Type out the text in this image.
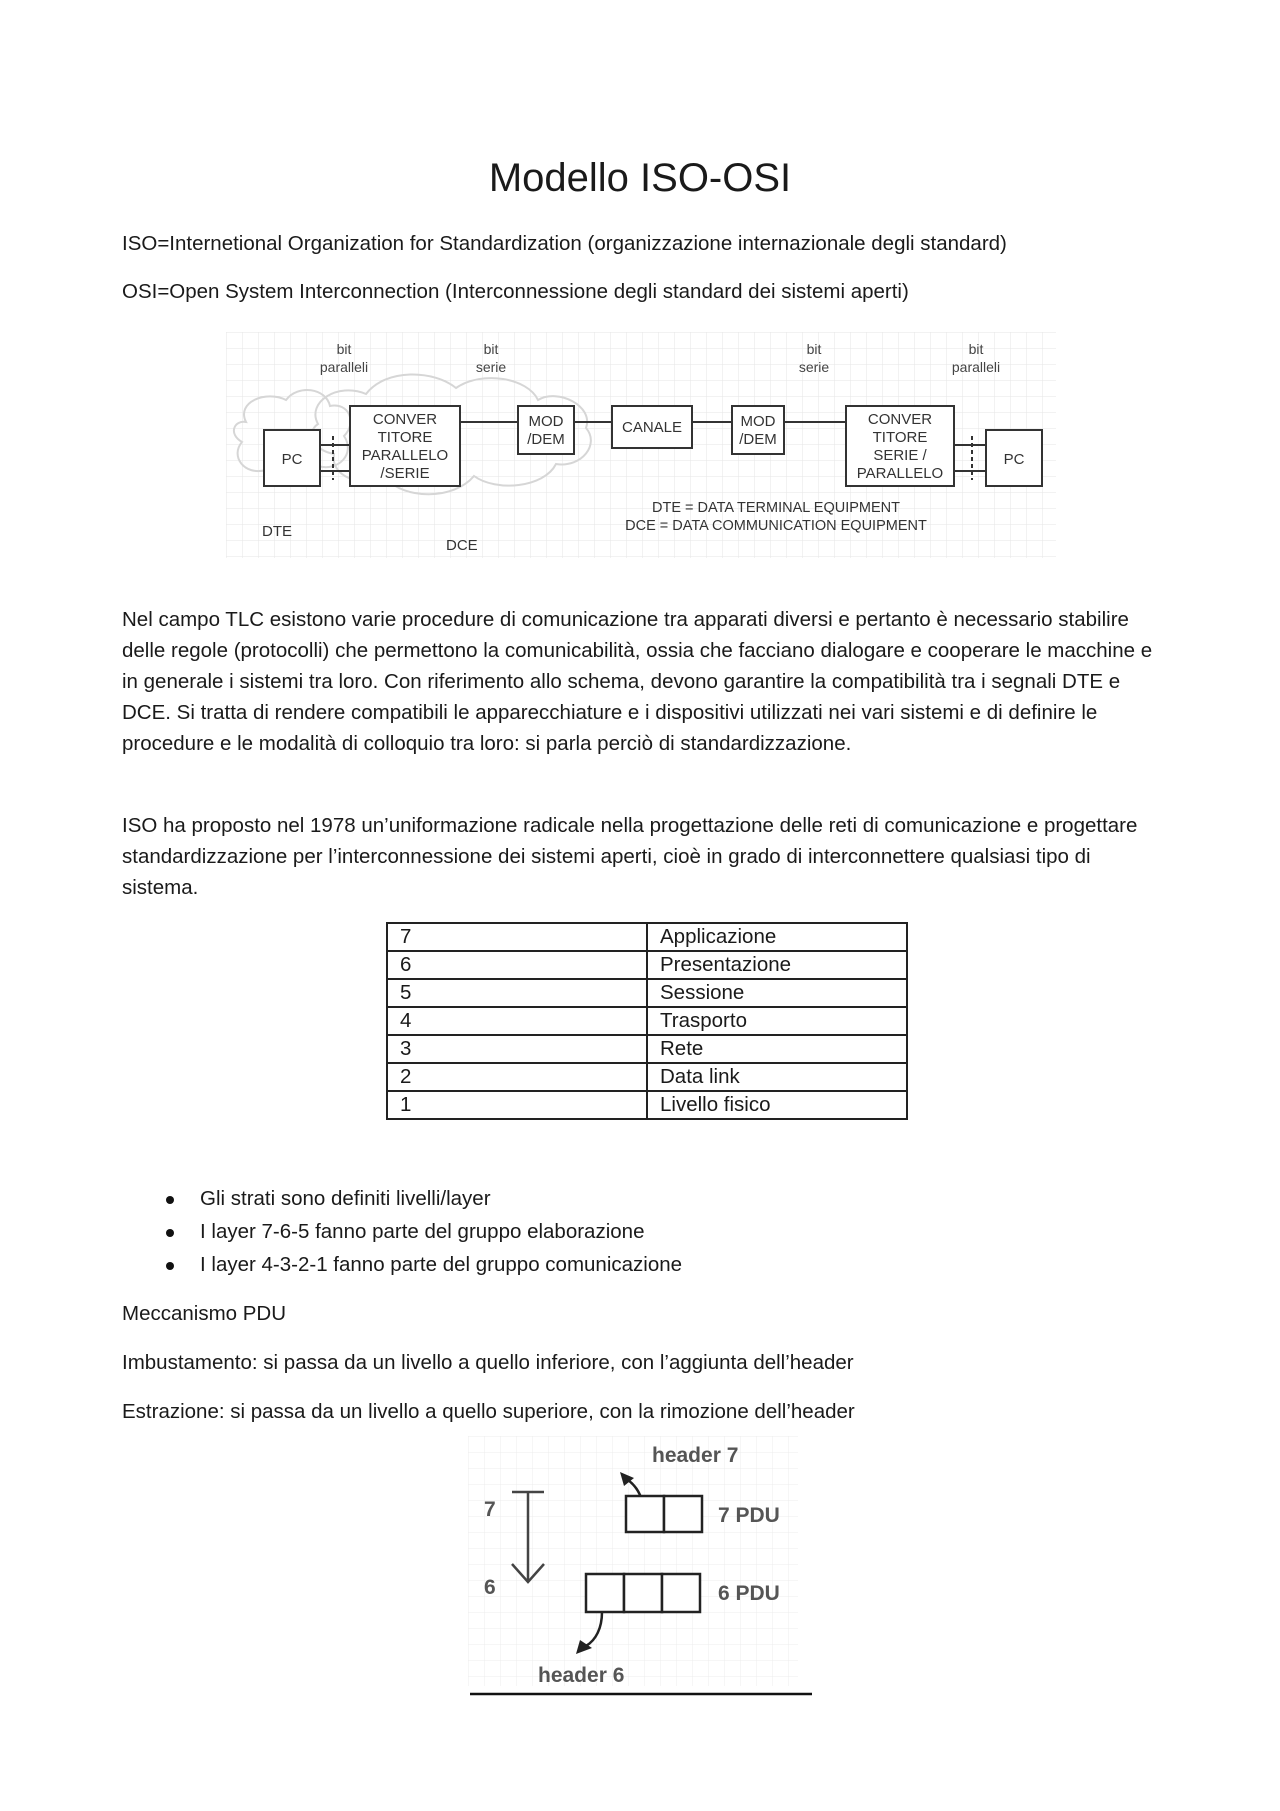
Modello ISO-OSI

ISO=Internetional Organization for Standardization (organizzazione internazionale degli standard)

OSI=Open System Interconnection (Interconnessione degli standard dei sistemi aperti)

bit
paralleli
bit
serie
bit
serie
bit
paralleli
PC
CONVER
TITORE
PARALLELO
/SERIE
MOD
/DEM
CANALE	MOD
/DEM
CONVER
TITORE
SERIE /
PARALLELO
PC
DTE
DCE
DTE = DATA TERMINAL EQUIPMENT
DCE = DATA COMMUNICATION EQUIPMENT

Nel campo TLC esistono varie procedure di comunicazione tra apparati diversi e pertanto è necessario stabilire delle regole (protocolli) che permettono la comunicabilità, ossia che facciano dialogare e cooperare le macchine e in generale i sistemi tra loro. Con riferimento allo schema, devono garantire la compatibilità tra i segnali DTE e DCE. Si tratta di rendere compatibili le apparecchiature e i dispositivi utilizzati nei vari sistemi e di definire le procedure e le modalità di colloquio tra loro: si parla perciò di standardizzazione.

ISO ha proposto nel 1978 un’uniformazione radicale nella progettazione delle reti di comunicazione e progettare standardizzazione per l’interconnessione dei sistemi aperti, cioè in grado di interconnettere qualsiasi tipo di sistema.

7	Applicazione
6	Presentazione
5	Sessione
4	Trasporto
3	Rete
2	Data link
1	Livello fisico
Gli strati sono definiti livelli/layer
I layer 7-6-5 fanno parte del gruppo elaborazione
I layer 4-3-2-1 fanno parte del gruppo comunicazione

Meccanismo PDU

Imbustamento: si passa da un livello a quello inferiore, con l’aggiunta dell’header

Estrazione: si passa da un livello a quello superiore, con la rimozione dell’header

header 7
7	7 PDU
6	6 PDU
header 6
